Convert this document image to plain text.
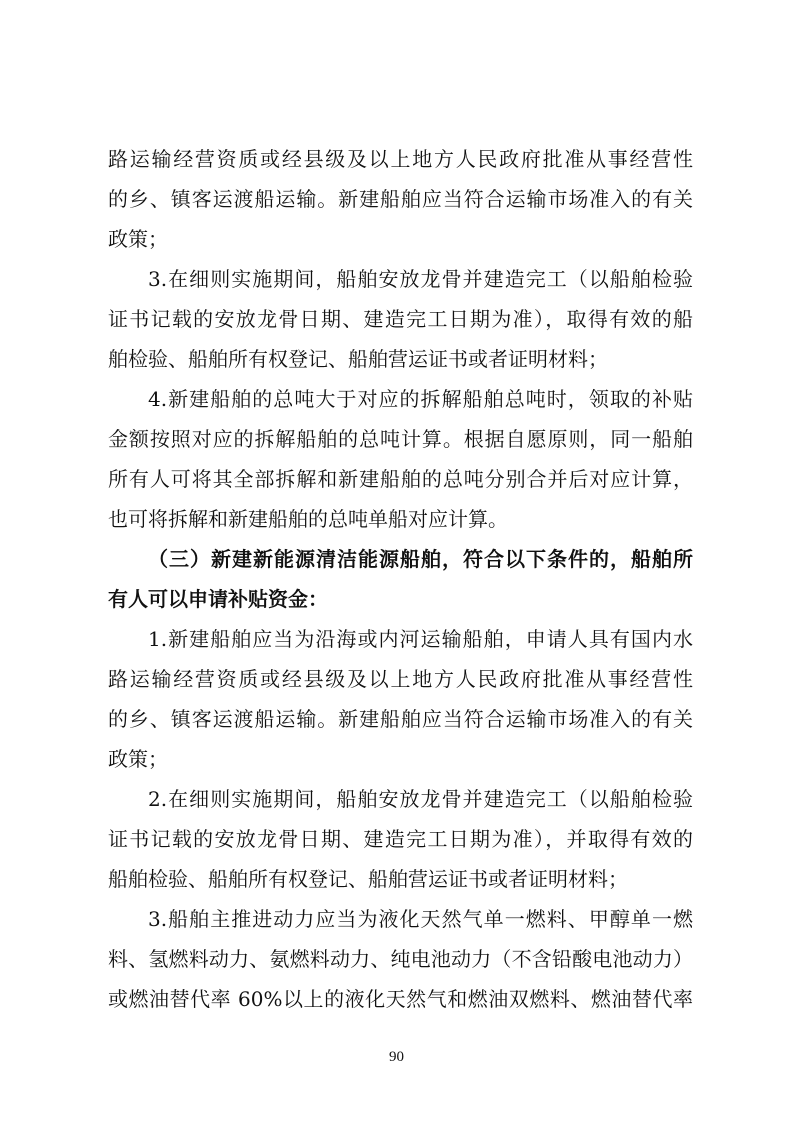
路运输经营资质或经县级及以上地方人民政府批准从事经营性
的乡、镇客运渡船运输。新建船舶应当符合运输市场准入的有关
政策；
3.在细则实施期间，船舶安放龙骨并建造完工（以船舶检验
证书记载的安放龙骨日期、建造完工日期为准），取得有效的船
舶检验、船舶所有权登记、船舶营运证书或者证明材料；
4.新建船舶的总吨大于对应的拆解船舶总吨时，领取的补贴
金额按照对应的拆解船舶的总吨计算。根据自愿原则，同一船舶
所有人可将其全部拆解和新建船舶的总吨分别合并后对应计算，
也可将拆解和新建船舶的总吨单船对应计算。
（三）新建新能源清洁能源船舶，符合以下条件的，船舶所
有人可以申请补贴资金：
1.新建船舶应当为沿海或内河运输船舶，申请人具有国内水
路运输经营资质或经县级及以上地方人民政府批准从事经营性
的乡、镇客运渡船运输。新建船舶应当符合运输市场准入的有关
政策；
2.在细则实施期间，船舶安放龙骨并建造完工（以船舶检验
证书记载的安放龙骨日期、建造完工日期为准），并取得有效的
船舶检验、船舶所有权登记、船舶营运证书或者证明材料；
3.船舶主推进动力应当为液化天然气单一燃料、甲醇单一燃
料、氢燃料动力、氨燃料动力、纯电池动力（不含铅酸电池动力）
或燃油替代率 60%以上的液化天然气和燃油双燃料、燃油替代率
90
